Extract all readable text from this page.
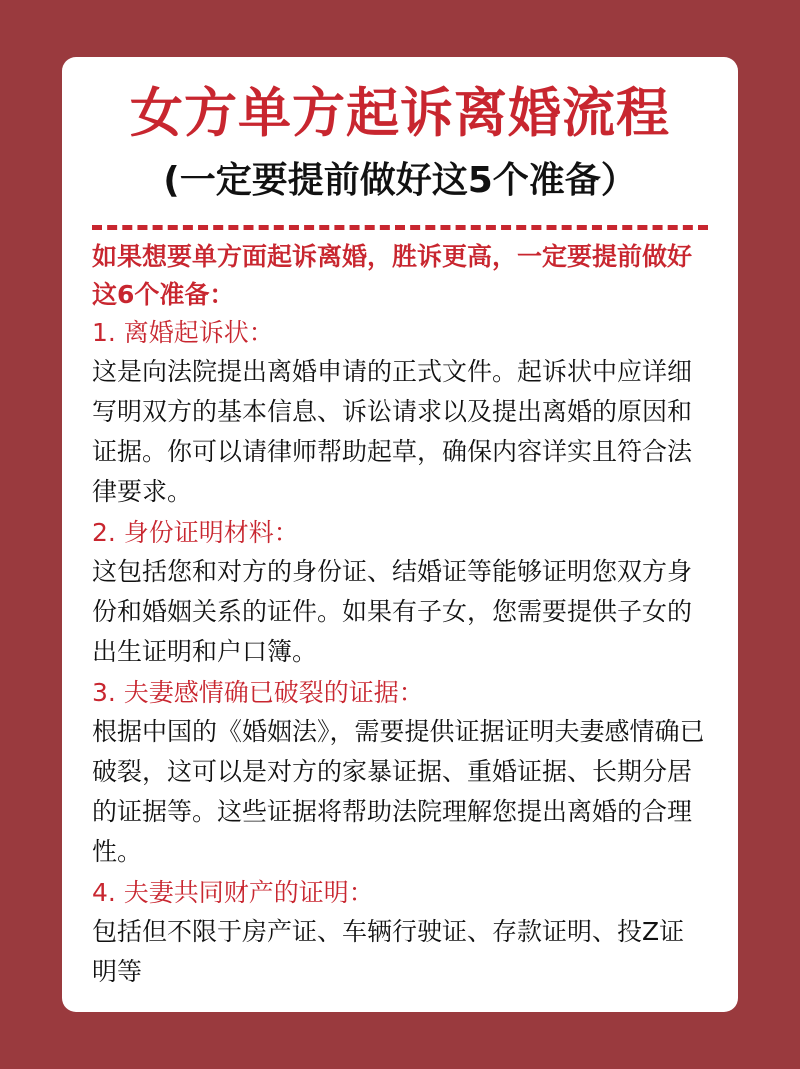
女方单方起诉离婚流程
(一定要提前做好这5个准备）

如果想要单方面起诉离婚，胜诉更高，一定要提前做好这6个准备：

1. 离婚起诉状：

这是向法院提出离婚申请的正式文件。起诉状中应详细写明双方的基本信息、诉讼请求以及提出离婚的原因和证据。你可以请律师帮助起草，确保内容详实且符合法律要求。

2. 身份证明材料：

这包括您和对方的身份证、结婚证等能够证明您双方身份和婚姻关系的证件。如果有子女，您需要提供子女的出生证明和户口簿。

3. 夫妻感情确已破裂的证据：

根据中国的《婚姻法》，需要提供证据证明夫妻感情确已破裂，这可以是对方的家暴证据、重婚证据、长期分居的证据等。这些证据将帮助法院理解您提出离婚的合理性。

4. 夫妻共同财产的证明：

包括但不限于房产证、车辆行驶证、存款证明、投Z证明等
